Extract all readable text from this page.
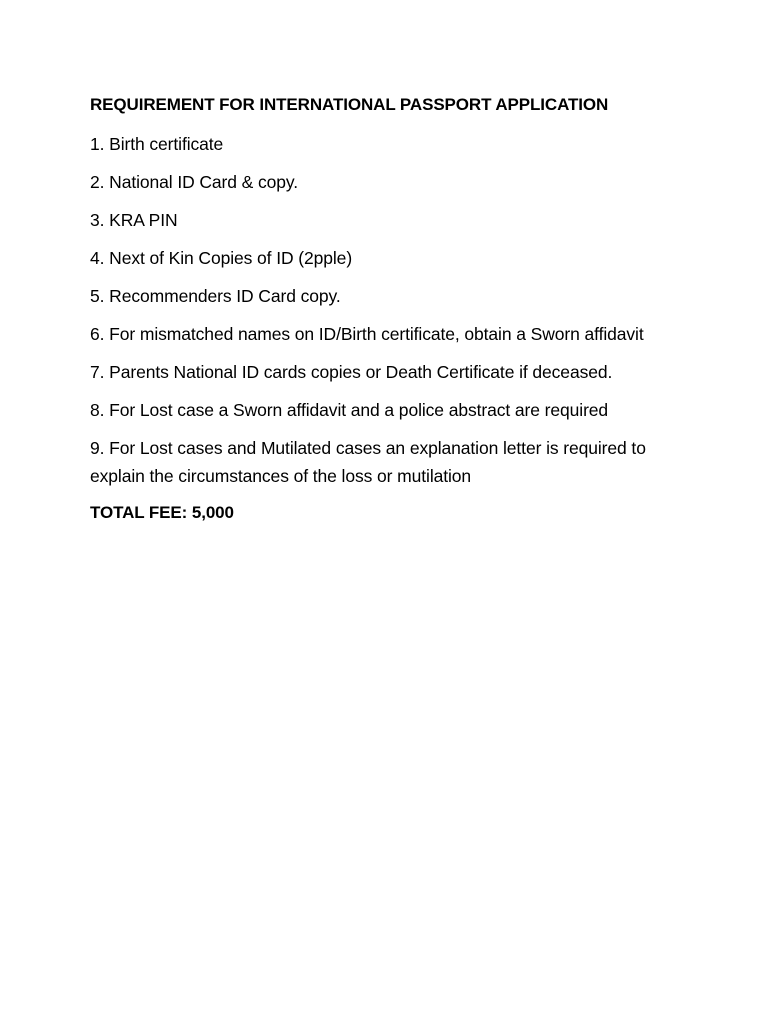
REQUIREMENT FOR INTERNATIONAL PASSPORT APPLICATION
1. Birth certificate
2. National ID Card & copy.
3. KRA PIN
4. Next of Kin Copies of ID (2pple)
5. Recommenders ID Card copy.
6. For mismatched names on ID/Birth certificate, obtain a Sworn affidavit
7. Parents National ID cards copies or Death Certificate if deceased.
8. For Lost case a Sworn affidavit and a police abstract are required
9. For Lost cases and Mutilated cases an explanation letter is required to explain the circumstances of the loss or mutilation
TOTAL FEE: 5,000
